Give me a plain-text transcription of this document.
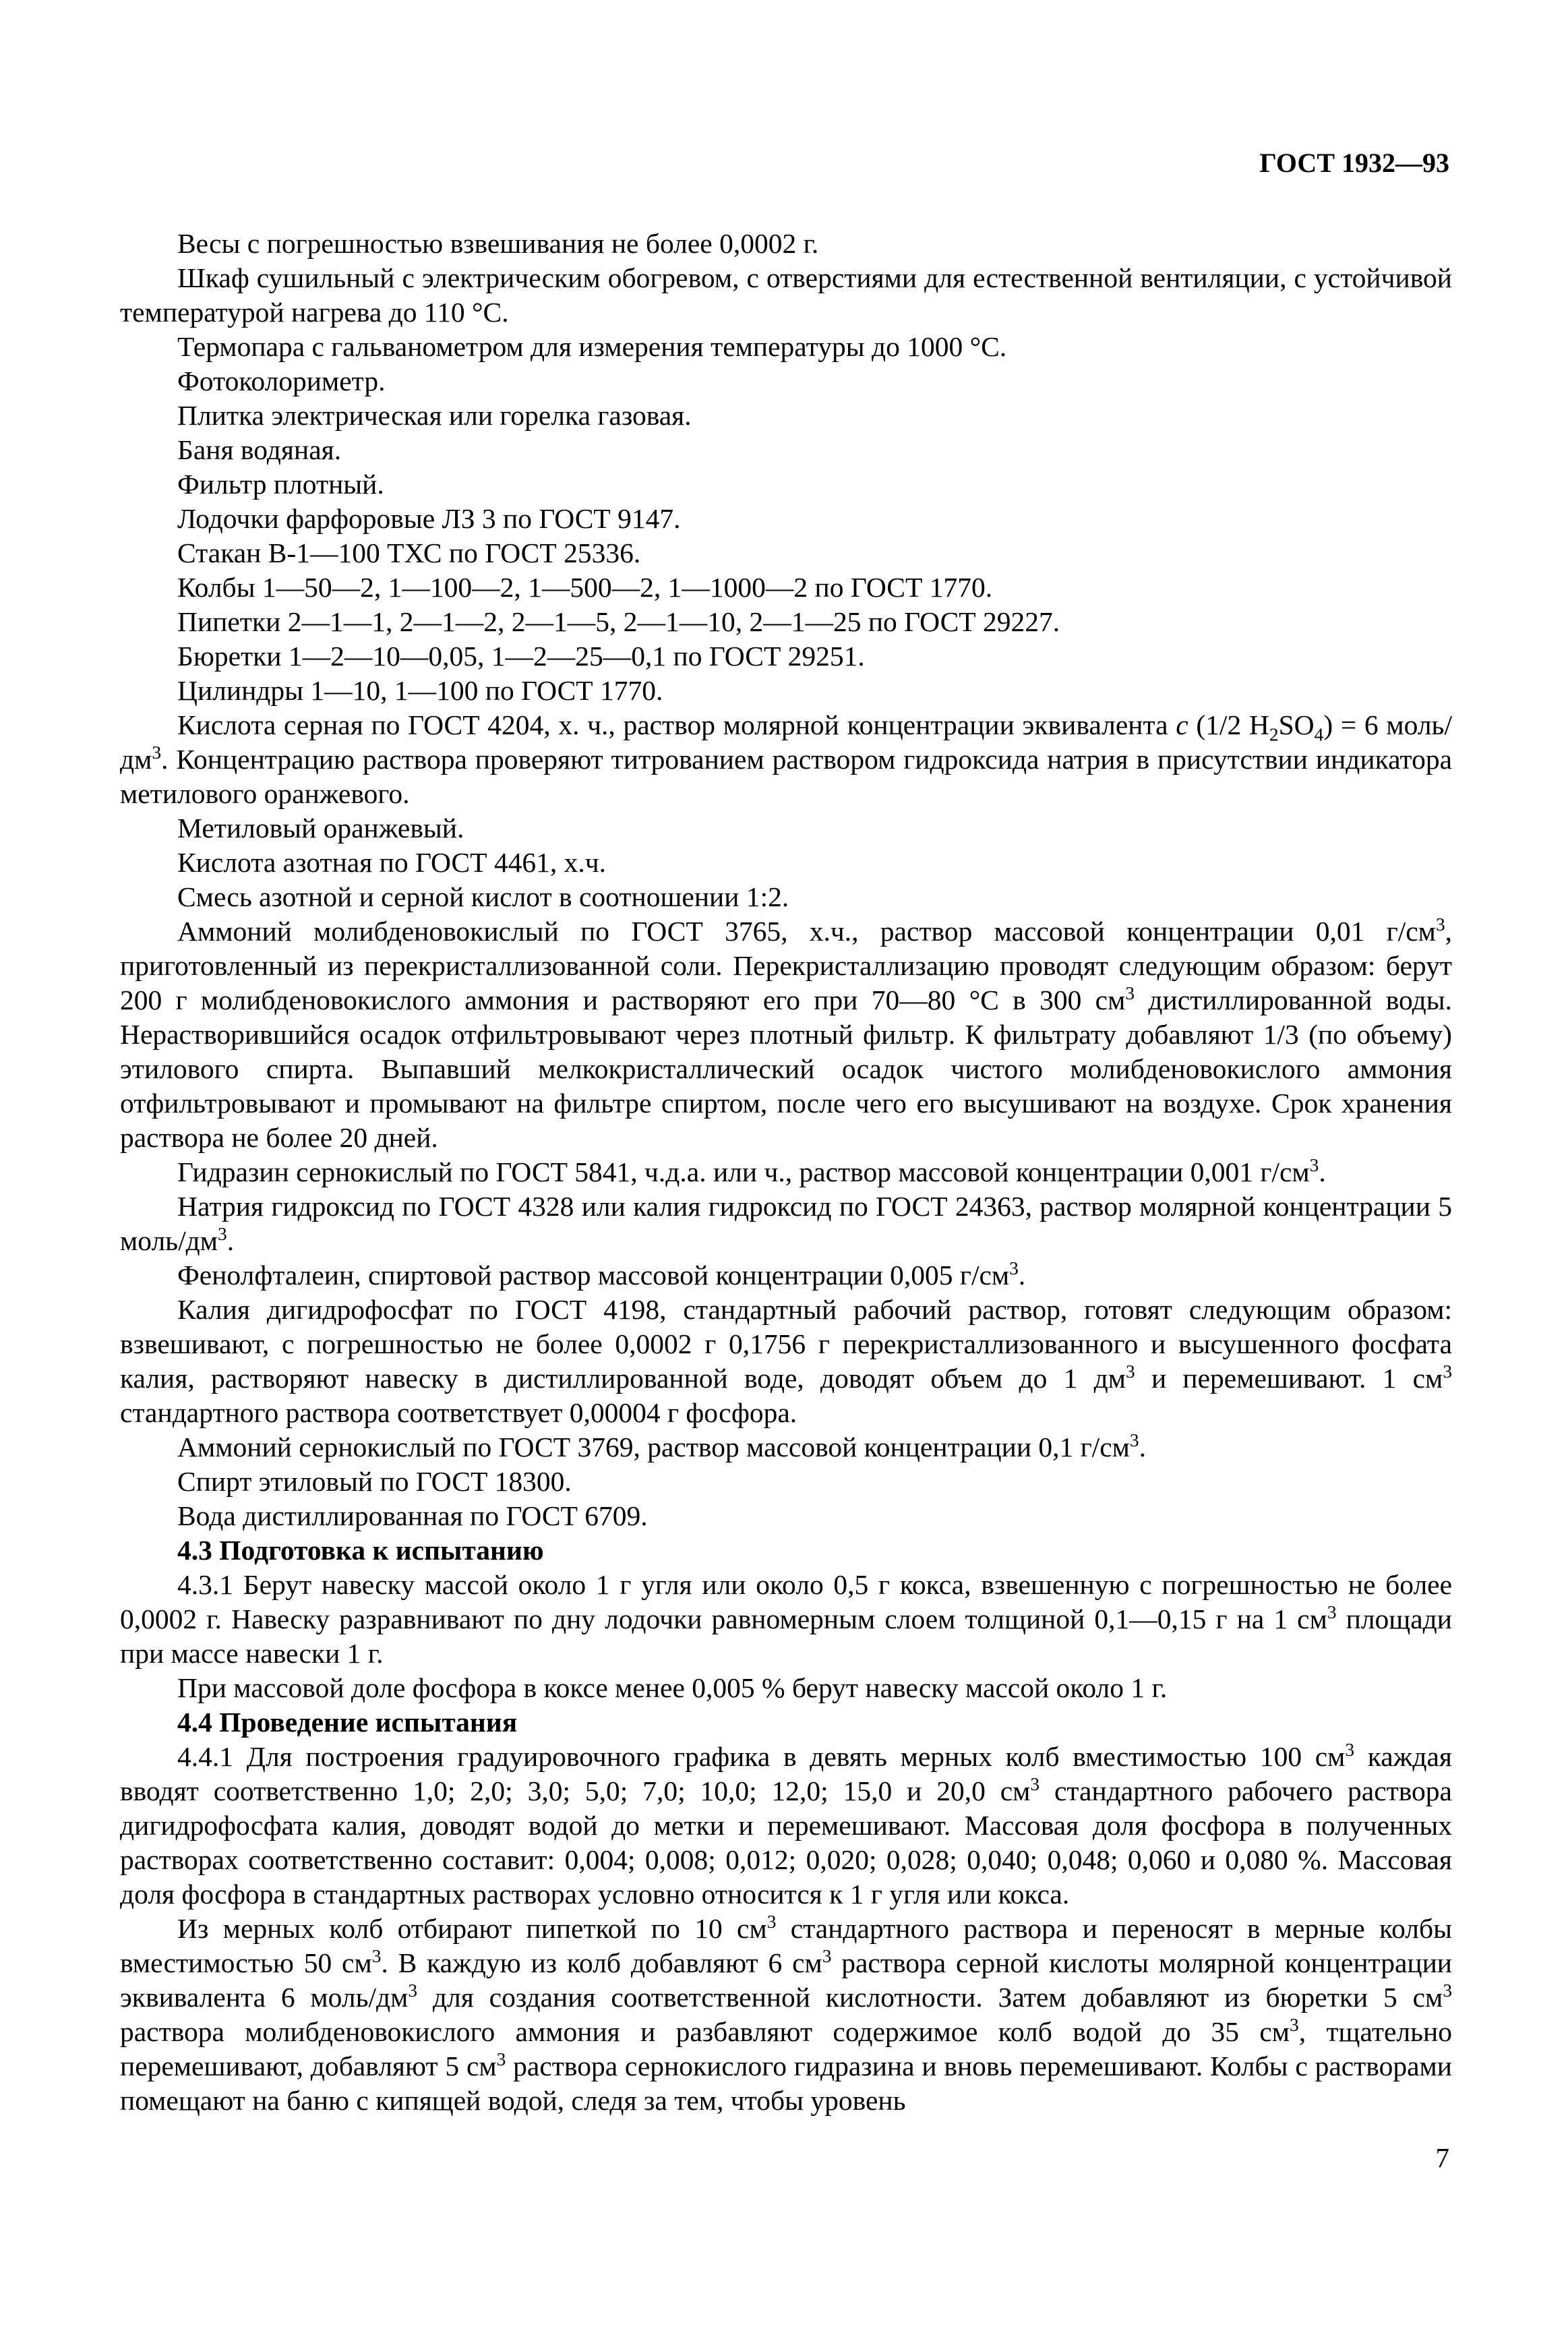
ГОСТ 1932—93

Весы с погрешностью взвешивания не более 0,0002 г.

Шкаф сушильный с электрическим обогревом, с отверстиями для естественной вентиляции, с устойчивой температурой нагрева до 110 °С.

Термопара с гальванометром для измерения температуры до 1000 °С.

Фотоколориметр.

Плитка электрическая или горелка газовая.

Баня водяная.

Фильтр плотный.

Лодочки фарфоровые ЛЗ 3 по ГОСТ 9147.

Стакан В-1—100 ТХС по ГОСТ 25336.

Колбы 1—50—2, 1—100—2, 1—500—2, 1—1000—2 по ГОСТ 1770.

Пипетки 2—1—1, 2—1—2, 2—1—5, 2—1—10, 2—1—25 по ГОСТ 29227.

Бюретки 1—2—10—0,05, 1—2—25—0,1 по ГОСТ 29251.

Цилиндры 1—10, 1—100 по ГОСТ 1770.

Кислота серная по ГОСТ 4204, х. ч., раствор молярной концентрации эквивалента с (1/2 $H_2SO_4) = 6$ моль/$дм^3$. Концентрацию раствора проверяют титрованием раствором гидроксида натрия в присутствии индикатора метилового оранжевого.

Метиловый оранжевый.

Кислота азотная по ГОСТ 4461, х.ч.

Смесь азотной и серной кислот в соотношении 1:2.

Аммоний молибденовокислый по ГОСТ 3765, х.ч., раствор массовой концентрации 0,01 $г/см^3$, приготовленный из перекристаллизованной соли. Перекристаллизацию проводят следующим образом: берут 200 г молибденовокислого аммония и растворяют его при 70—80 °С в 300 $см^3$ дистиллированной воды. Нерастворившийся осадок отфильтровывают через плотный фильтр. К фильтрату добавляют 1/3 (по объему) этилового спирта. Выпавший мелкокристаллический осадок чистого молибденовокислого аммония отфильтровывают и промывают на фильтре спиртом, после чего его высушивают на воздухе. Срок хранения раствора не более 20 дней.

Гидразин сернокислый по ГОСТ 5841, ч.д.а. или ч., раствор массовой концентрации 0,001 $г/см^3$.

Натрия гидроксид по ГОСТ 4328 или калия гидроксид по ГОСТ 24363, раствор молярной концентрации 5 моль/$дм^3$.

Фенолфталеин, спиртовой раствор массовой концентрации 0,005 $г/см^3$.

Калия дигидрофосфат по ГОСТ 4198, стандартный рабочий раствор, готовят следующим образом: взвешивают, с погрешностью не более 0,0002 г 0,1756 г перекристаллизованного и высушенного фосфата калия, растворяют навеску в дистиллированной воде, доводят объем до 1 $дм^3$ и перемешивают. 1 $см^3$ стандартного раствора соответствует 0,00004 г фосфора.

Аммоний сернокислый по ГОСТ 3769, раствор массовой концентрации 0,1 $г/см^3$.

Спирт этиловый по ГОСТ 18300.

Вода дистиллированная по ГОСТ 6709.

4.3 Подготовка к испытанию

4.3.1 Берут навеску массой около 1 г угля или около 0,5 г кокса, взвешенную с погрешностью не более 0,0002 г. Навеску разравнивают по дну лодочки равномерным слоем толщиной 0,1—0,15 г на 1 $см^3$ площади при массе навески 1 г.

При массовой доле фосфора в коксе менее 0,005 % берут навеску массой около 1 г.

4.4 Проведение испытания

4.4.1 Для построения градуировочного графика в девять мерных колб вместимостью 100 $см^3$ каждая вводят соответственно 1,0; 2,0; 3,0; 5,0; 7,0; 10,0; 12,0; 15,0 и 20,0 $см^3$ стандартного рабочего раствора дигидрофосфата калия, доводят водой до метки и перемешивают. Массовая доля фосфора в полученных растворах соответственно составит: 0,004; 0,008; 0,012; 0,020; 0,028; 0,040; 0,048; 0,060 и 0,080 %. Массовая доля фосфора в стандартных растворах условно относится к 1 г угля или кокса.

Из мерных колб отбирают пипеткой по 10 $см^3$ стандартного раствора и переносят в мерные колбы вместимостью 50 $см^3$. В каждую из колб добавляют 6 $см^3$ раствора серной кислоты молярной концентрации эквивалента 6 моль/$дм^3$ для создания соответственной кислотности. Затем добавляют из бюретки 5 $см^3$ раствора молибденовокислого аммония и разбавляют содержимое колб водой до 35 $см^3$, тщательно перемешивают, добавляют 5 $см^3$ раствора сернокислого гидразина и вновь перемешивают. Колбы с растворами помещают на баню с кипящей водой, следя за тем, чтобы уровень

7
